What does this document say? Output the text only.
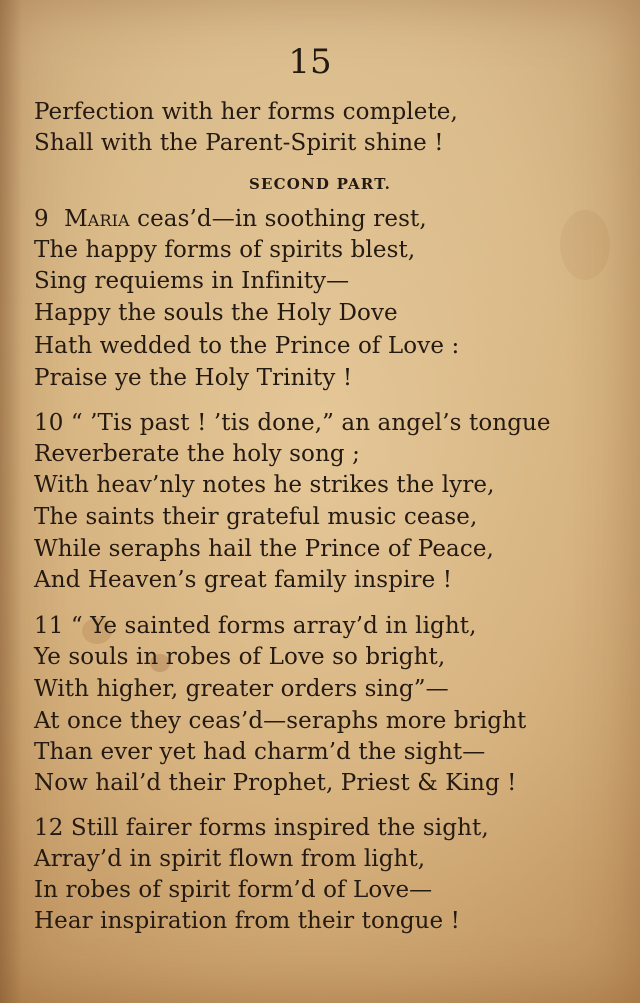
15
Perfection with her forms complete,
Shall with the Parent-Spirit shine !
SECOND PART.
9 Maria ceas’d—in soothing rest,
The happy forms of spirits blest,
Sing requiems in Infinity—
Happy the souls the Holy Dove
Hath wedded to the Prince of Love :
Praise ye the Holy Trinity !
10 “ ’Tis past ! ’tis done,” an angel’s tongue
Reverberate the holy song ;
With heav’nly notes he strikes the lyre,
The saints their grateful music cease,
While seraphs hail the Prince of Peace,
And Heaven’s great family inspire !
11 “ Ye sainted forms array’d in light,
Ye souls in robes of Love so bright,
With higher, greater orders sing”—
At once they ceas’d—seraphs more bright
Than ever yet had charm’d the sight—
Now hail’d their Prophet, Priest & King !
12 Still fairer forms inspired the sight,
Array’d in spirit flown from light,
In robes of spirit form’d of Love—
Hear inspiration from their tongue !
